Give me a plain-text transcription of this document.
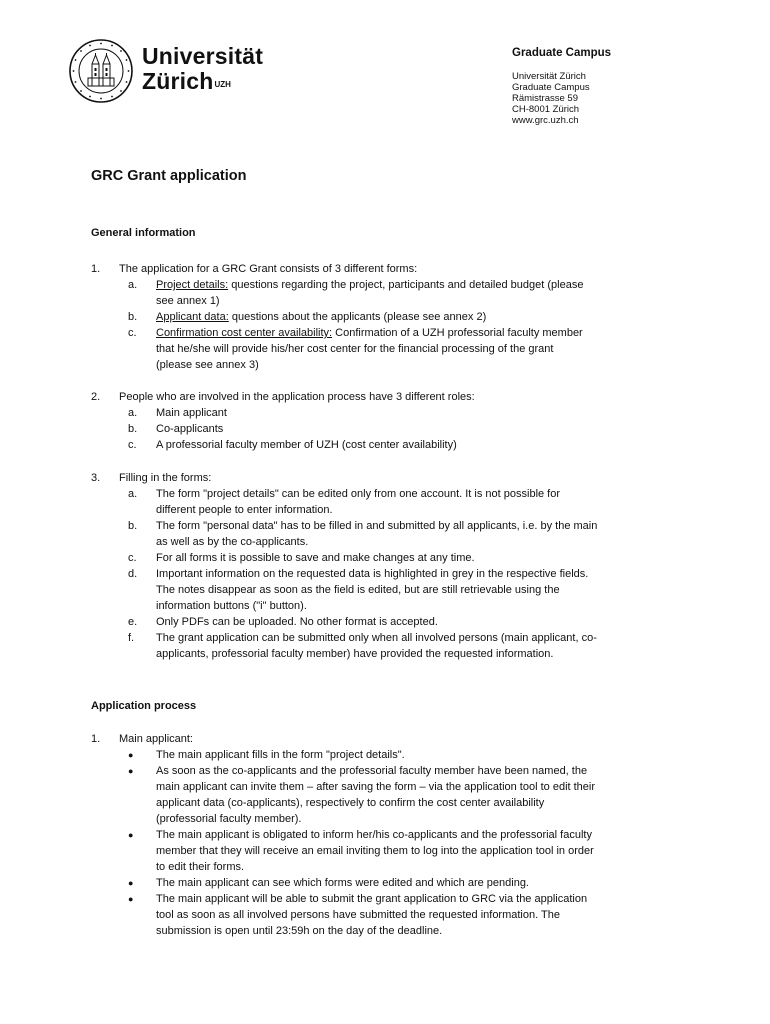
Universität
Zürich$^{UZH}$
Graduate Campus
Universität Zürich
Graduate Campus
Rämistrasse 59
CH-8001 Zürich
www.grc.uzh.ch
GRC Grant application
General information
1.	The application for a GRC Grant consists of 3 different forms:
a. Project details: questions regarding the project, participants and detailed budget (please
see annex 1)
b. Applicant data: questions about the applicants (please see annex 2)
c. Confirmation cost center availability: Confirmation of a UZH professorial faculty member
that he/she will provide his/her cost center for the financial processing of the grant
(please see annex 3)
2.	People who are involved in the application process have 3 different roles:
a. Main applicant
b. Co-applicants
c. A professorial faculty member of UZH (cost center availability)
3.	Filling in the forms:
a. The form "project details" can be edited only from one account. It is not possible for
different people to enter information.
b. The form "personal data" has to be filled in and submitted by all applicants, i.e. by the main
as well as by the co-applicants.
c. For all forms it is possible to save and make changes at any time.
d. Important information on the requested data is highlighted in grey in the respective fields.
The notes disappear as soon as the field is edited, but are still retrievable using the
information buttons ("i" button).
e. Only PDFs can be uploaded. No other format is accepted.
f. The grant application can be submitted only when all involved persons (main applicant, co-
applicants, professorial faculty member) have provided the requested information.
Application process
1.	Main applicant:
● The main applicant fills in the form "project details".
● As soon as the co-applicants and the professorial faculty member have been named, the
main applicant can invite them – after saving the form – via the application tool to edit their
applicant data (co-applicants), respectively to confirm the cost center availability
(professorial faculty member).
● The main applicant is obligated to inform her/his co-applicants and the professorial faculty
member that they will receive an email inviting them to log into the application tool in order
to edit their forms.
● The main applicant can see which forms were edited and which are pending.
● The main applicant will be able to submit the grant application to GRC via the application
tool as soon as all involved persons have submitted the requested information. The
submission is open until 23:59h on the day of the deadline.
